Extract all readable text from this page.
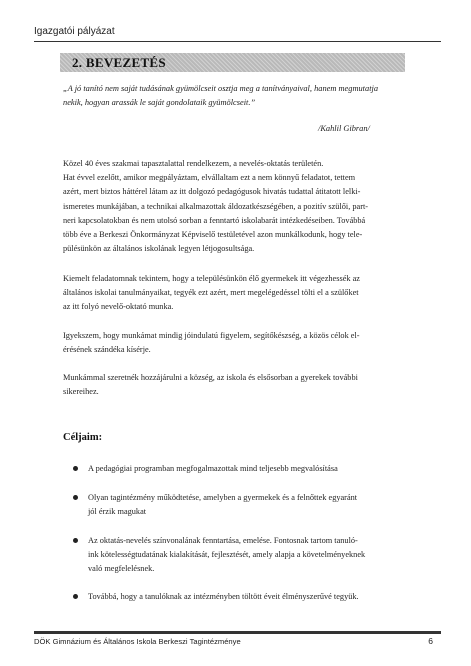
Igazgatói pályázat
2. BEVEZETÉS
„A jó tanító nem saját tudásának gyümölcseit osztja meg a tanítványaival, hanem megmutatja
nekik, hogyan arassák le saját gondolataik gyümölcseit.”
/Kahlil Gibran/
Közel 40 éves szakmai tapasztalattal rendelkezem, a nevelés-oktatás területén.
Hat évvel ezelőtt, amikor megpályáztam, elvállaltam ezt a nem könnyű feladatot, tettem
azért, mert biztos háttérel látam az itt dolgozó pedagógusok hivatás tudattal átitatott lelki-
ismeretes munkájában, a technikai alkalmazottak áldozatkészségében, a pozitív szülői, part-
neri kapcsolatokban és nem utolsó sorban a fenntartó iskolabarát intézkedéseiben. Továbbá
több éve a Berkeszi Önkormányzat Képviselő testületével azon munkálkodunk, hogy tele-
pülésünkön az általános iskolának legyen létjogosultsága.
Kiemelt feladatomnak tekintem, hogy a településünkön élő gyermekek itt végezhessék az
általános iskolai tanulmányaikat, tegyék ezt azért, mert megelégedéssel tölti el a szülőket
az itt folyó nevelő-oktató munka.
Igyekszem, hogy munkámat mindig jóindulatú figyelem, segítőkészség, a közös célok el-
érésének szándéka kísérje.
Munkámmal szeretnék hozzájárulni a község, az iskola és elsősorban a gyerekek további
sikereihez.
Céljaim:
A pedagógiai programban megfogalmazottak mind teljesebb megvalósítása
Olyan tagintézmény működtetése, amelyben a gyermekek és a felnőttek egyaránt
jól érzik magukat
Az oktatás-nevelés színvonalának fenntartása, emelése. Fontosnak tartom tanuló-
ink kötelességtudatának kialakítását, fejlesztését, amely alapja a követelményeknek
való megfelelésnek.
Továbbá, hogy a tanulóknak az intézményben töltött éveit élményszerűvé tegyük.
DÖK Gimnázium és Általános Iskola Berkeszi Tagintézménye	6
